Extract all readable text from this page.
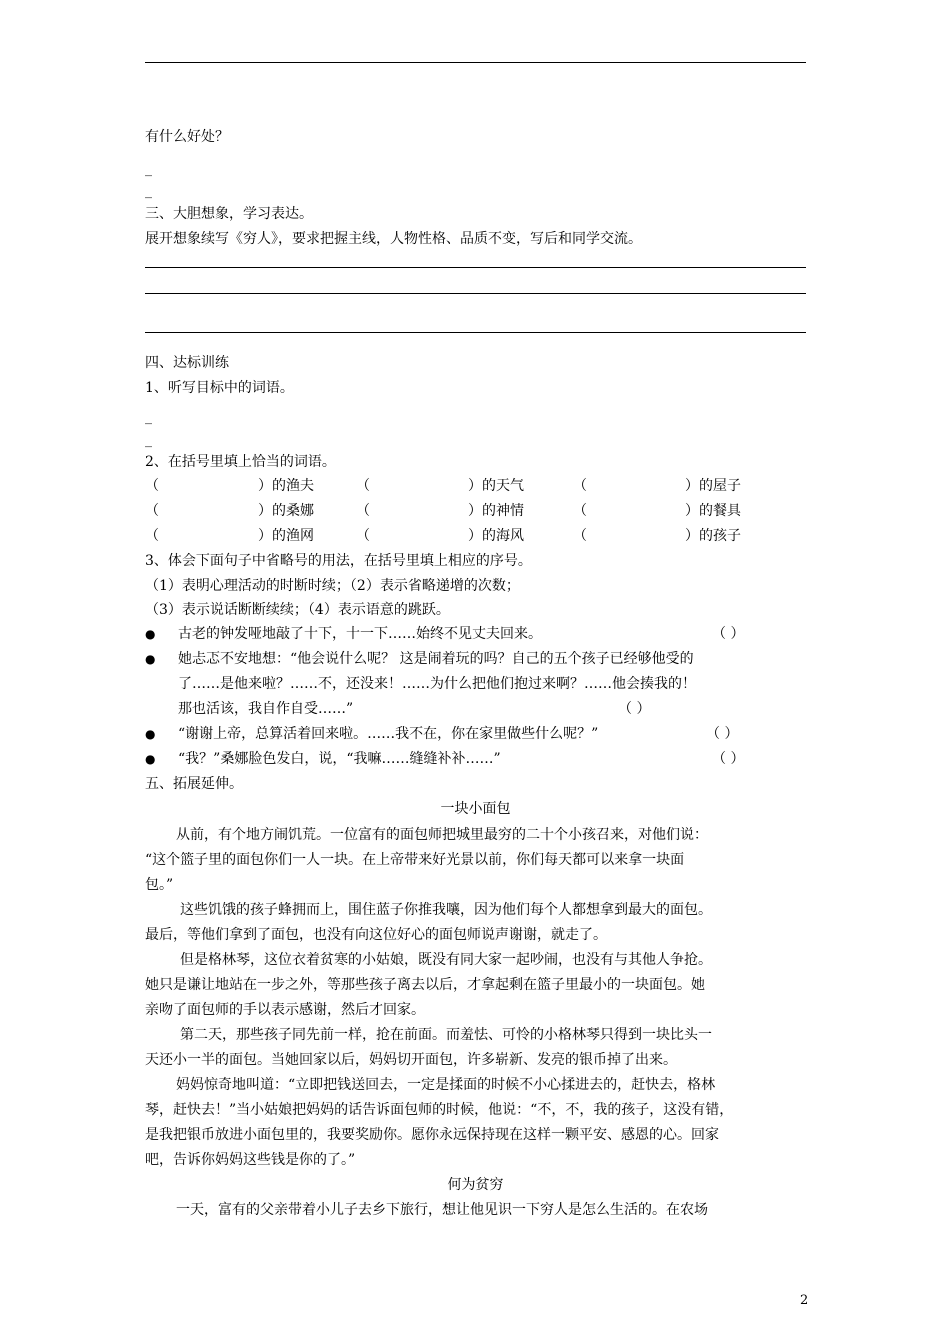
有什么好处？
_
_
三、大胆想象，学习表达。
展开想象续写《穷人》，要求把握主线，人物性格、品质不变，写后和同学交流。
四、达标训练
1、听写目标中的词语。
_
_
2、在括号里填上恰当的词语。
（	）的渔夫	（	）的天气	（	）的屋子
（	）的桑娜	（	）的神情	（	）的餐具
（	）的渔网	（	）的海风	（	）的孩子
3、体会下面句子中省略号的用法，在括号里填上相应的序号。
（1）表明心理活动的时断时续；（2）表示省略递增的次数；
（3）表示说话断断续续；（4）表示语意的跳跃。
● 古老的钟发哑地敲了十下，十一下……始终不见丈夫回来。	（ ）
● 她忐忑不安地想：“他会说什么呢？ 这是闹着玩的吗？自己的五个孩子已经够他受的
了……是他来啦？……不，还没来！……为什么把他们抱过来啊？……他会揍我的！
那也活该，我自作自受……”	（ ）
● “谢谢上帝，总算活着回来啦。……我不在，你在家里做些什么呢？”	（ ）
● “我？”桑娜脸色发白，说，“我嘛……缝缝补补……”	（ ）
五、拓展延伸。
一块小面包
从前，有个地方闹饥荒。一位富有的面包师把城里最穷的二十个小孩召来，对他们说：
“这个篮子里的面包你们一人一块。在上帝带来好光景以前，你们每天都可以来拿一块面
包。”
这些饥饿的孩子蜂拥而上，围住蓝子你推我嚷，因为他们每个人都想拿到最大的面包。
最后，等他们拿到了面包，也没有向这位好心的面包师说声谢谢，就走了。
但是格林琴，这位衣着贫寒的小姑娘，既没有同大家一起吵闹，也没有与其他人争抢。
她只是谦让地站在一步之外，等那些孩子离去以后，才拿起剩在篮子里最小的一块面包。她
亲吻了面包师的手以表示感谢，然后才回家。
第二天，那些孩子同先前一样，抢在前面。而羞怯、可怜的小格林琴只得到一块比头一
天还小一半的面包。当她回家以后，妈妈切开面包，许多崭新、发亮的银币掉了出来。
妈妈惊奇地叫道：“立即把钱送回去，一定是揉面的时候不小心揉进去的，赶快去，格林
琴，赶快去！”当小姑娘把妈妈的话告诉面包师的时候，他说：“不，不，我的孩子，这没有错，
是我把银币放进小面包里的，我要奖励你。愿你永远保持现在这样一颗平安、感恩的心。回家
吧，告诉你妈妈这些钱是你的了。”
何为贫穷
一天，富有的父亲带着小儿子去乡下旅行，想让他见识一下穷人是怎么生活的。在农场
2
